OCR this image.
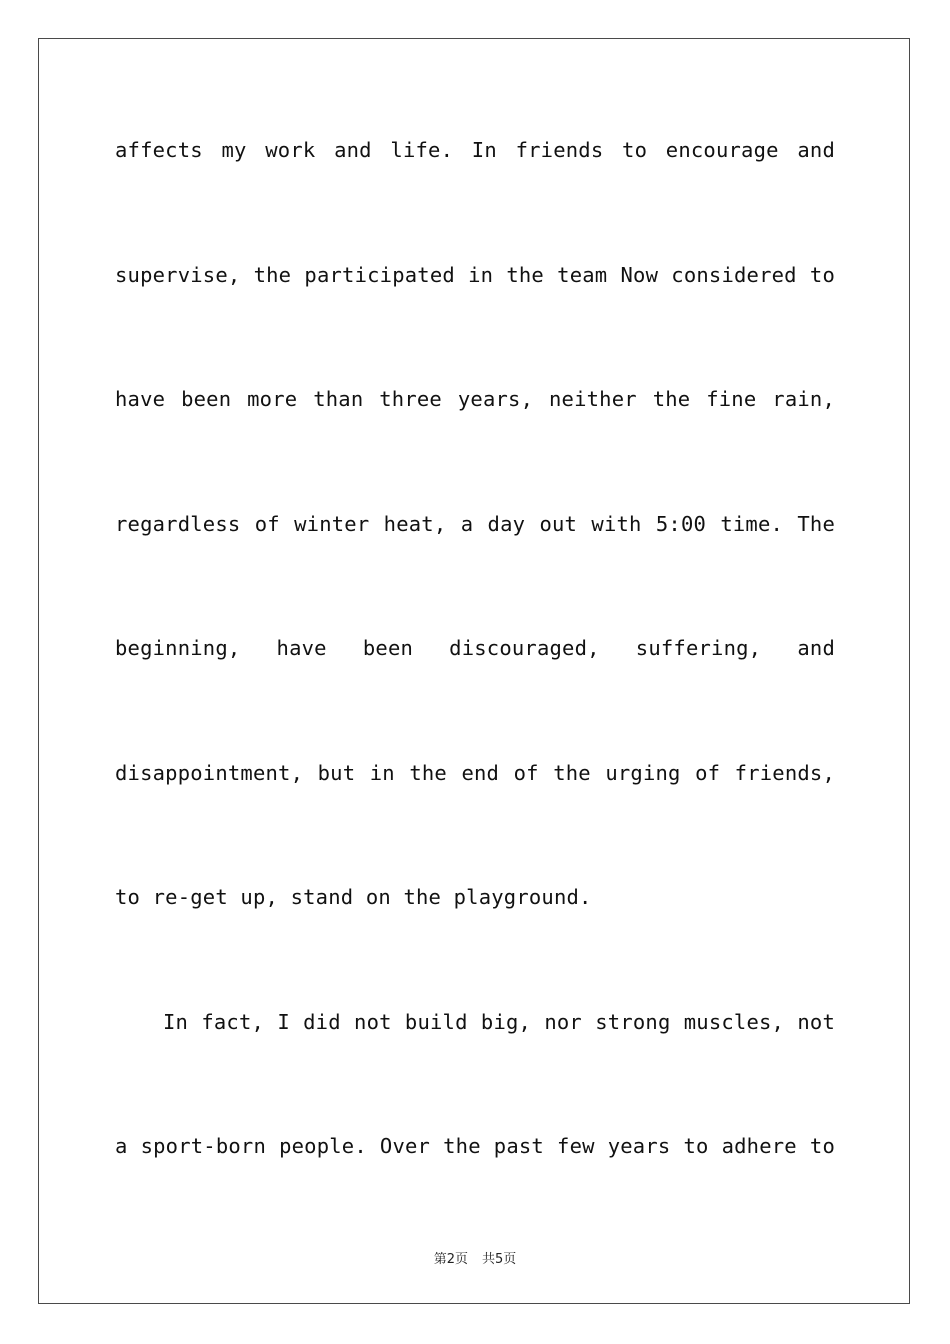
affects my work and life. In friends to encourage and
supervise, the participated in the team Now considered to
have been more than three years, neither the fine rain,
regardless of winter heat, a day out with 5:00 time. The
beginning, have been discouraged, suffering, and
disappointment, but in the end of the urging of friends,
to re-get up, stand on the playground.
In fact, I did not build big, nor strong muscles, not
a sport-born people. Over the past few years to adhere to
第2页 共5页
